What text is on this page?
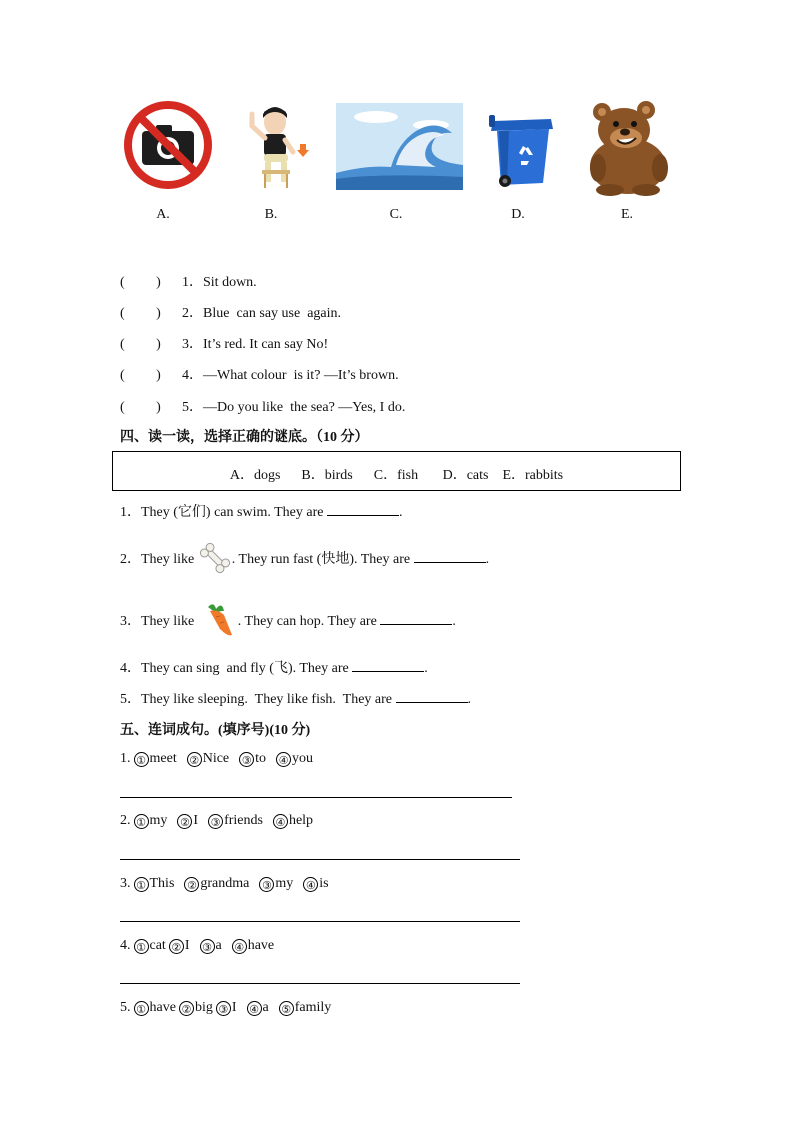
A.	B.	C.	D.	E.
(         ) 1．Sit down.
(         ) 2．Blue  can say use  again.
(         ) 3．It’s red. It can say No!
(         ) 4．—What colour  is it? —It’s brown.
(         ) 5．—Do you like  the sea? —Yes, I do.
四、读一读，选择正确的谜底。（10 分）
A．dogs      B．birds      C．fish       D．cats    E．rabbits
1．They (它们) can swim. They are	.
2．They like . They run fast (快地). They are	.
3．They like	. They can hop. They are	.
4．They can sing  and fly (飞). They are	.
5．They like sleeping.  They like fish.  They are	.
五、连词成句。(填序号)(10 分)
1. ① meet ② Nice ③ to ④ you
2. ① my ② I ③ friends ④ help
3. ① This ② grandma ③ my ④ is
4. ① cat ② I ③ a ④ have
5. ① have ② big ③ I ④ a ⑤ family
